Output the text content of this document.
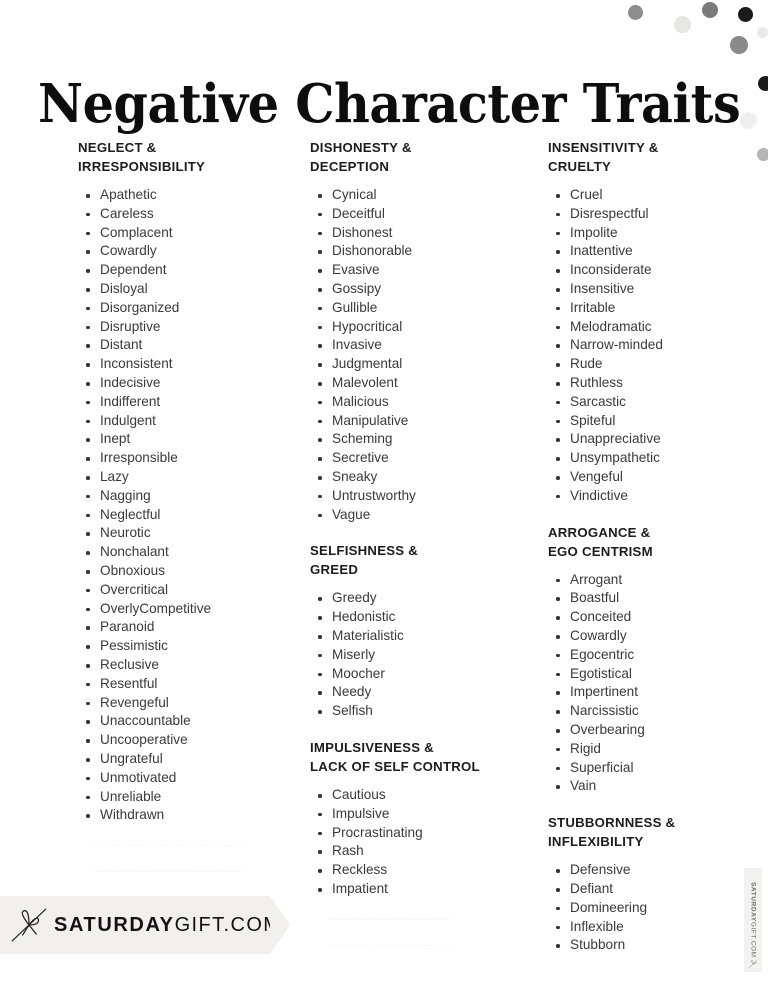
Negative Character Traits
NEGLECT &
IRRESPONSIBILITY
Apathetic
Careless
Complacent
Cowardly
Dependent
Disloyal
Disorganized
Disruptive
Distant
Inconsistent
Indecisive
Indifferent
Indulgent
Inept
Irresponsible
Lazy
Nagging
Neglectful
Neurotic
Nonchalant
Obnoxious
Overcritical
OverlyCompetitive
Paranoid
Pessimistic
Reclusive
Resentful
Revengeful
Unaccountable
Uncooperative
Ungrateful
Unmotivated
Unreliable
Withdrawn
DISHONESTY &
DECEPTION
Cynical
Deceitful
Dishonest
Dishonorable
Evasive
Gossipy
Gullible
Hypocritical
Invasive
Judgmental
Malevolent
Malicious
Manipulative
Scheming
Secretive
Sneaky
Untrustworthy
Vague
SELFISHNESS &
GREED
Greedy
Hedonistic
Materialistic
Miserly
Moocher
Needy
Selfish
IMPULSIVENESS &
LACK OF SELF CONTROL
Cautious
Impulsive
Procrastinating
Rash
Reckless
Impatient
INSENSITIVITY &
CRUELTY
Cruel
Disrespectful
Impolite
Inattentive
Inconsiderate
Insensitive
Irritable
Melodramatic
Narrow-minded
Rude
Ruthless
Sarcastic
Spiteful
Unappreciative
Unsympathetic
Vengeful
Vindictive
ARROGANCE &
EGO CENTRISM
Arrogant
Boastful
Conceited
Cowardly
Egocentric
Egotistical
Impertinent
Narcissistic
Overbearing
Rigid
Superficial
Vain
STUBBORNNESS &
INFLEXIBILITY
Defensive
Defiant
Domineering
Inflexible
Stubborn
SATURDAYGIFT.COM
SATURDAYGIFT.COM
